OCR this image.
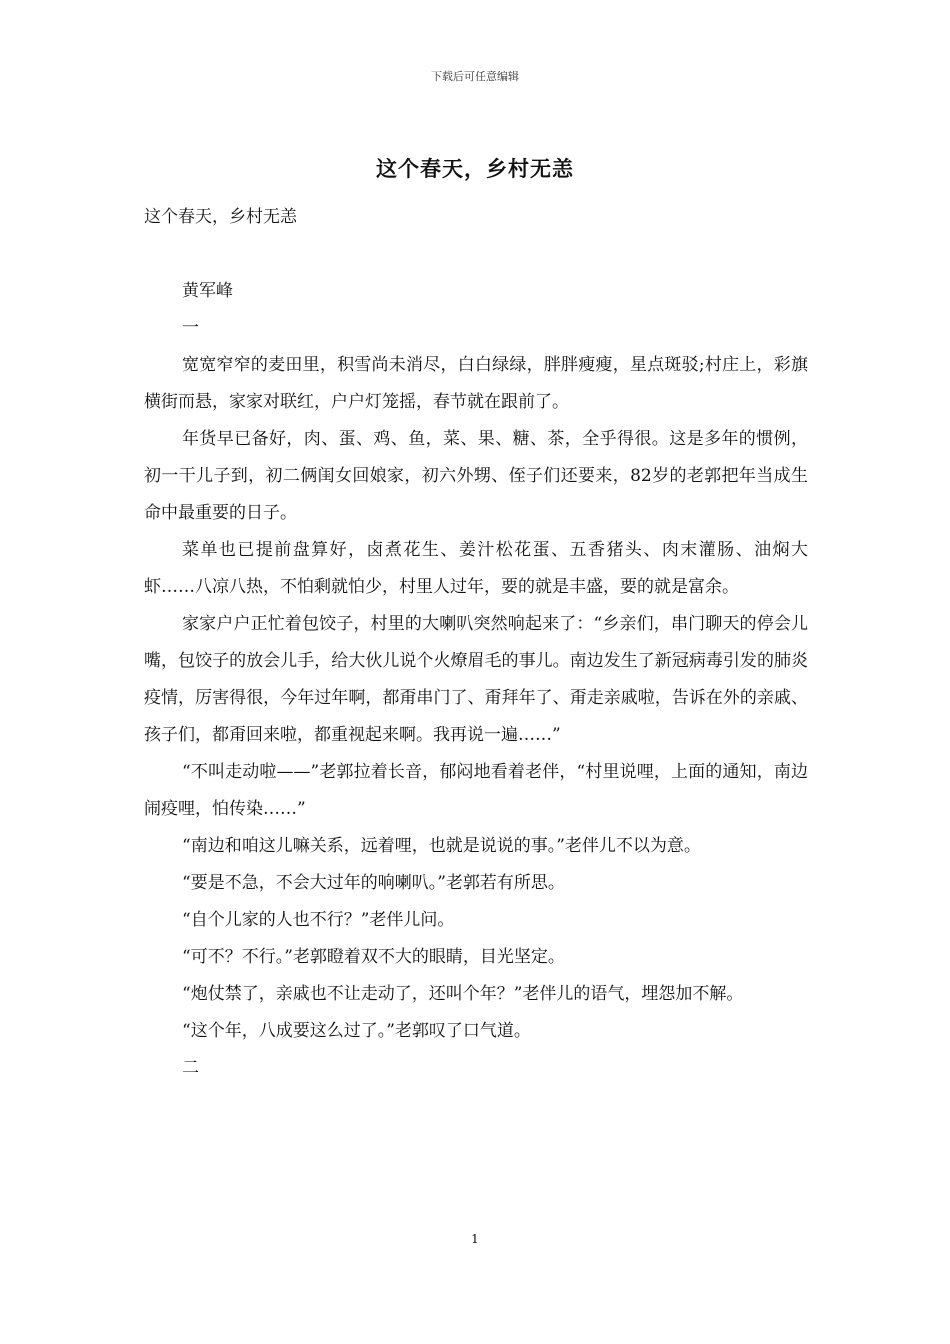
下载后可任意编辑
这个春天，乡村无恙

这个春天，乡村无恙

黄军峰

一

宽宽窄窄的麦田里，积雪尚未消尽，白白绿绿，胖胖瘦瘦，星点斑驳;村庄上，彩旗横街而悬，家家对联红，户户灯笼摇，春节就在跟前了。

年货早已备好，肉、蛋、鸡、鱼，菜、果、糖、茶，全乎得很。这是多年的惯例，初一干儿子到，初二俩闺女回娘家，初六外甥、侄子们还要来，82岁的老郭把年当成生命中最重要的日子。

菜单也已提前盘算好，卤煮花生、姜汁松花蛋、五香猪头、肉末灌肠、油焖大虾……八凉八热，不怕剩就怕少，村里人过年，要的就是丰盛，要的就是富余。

家家户户正忙着包饺子，村里的大喇叭突然响起来了：“乡亲们，串门聊天的停会儿嘴，包饺子的放会儿手，给大伙儿说个火燎眉毛的事儿。南边发生了新冠病毒引发的肺炎疫情，厉害得很，今年过年啊，都甭串门了、甭拜年了、甭走亲戚啦，告诉在外的亲戚、孩子们，都甭回来啦，都重视起来啊。我再说一遍……”

“不叫走动啦——”老郭拉着长音，郁闷地看着老伴，“村里说哩，上面的通知，南边闹疫哩，怕传染……”

“南边和咱这儿嘛关系，远着哩，也就是说说的事。”老伴儿不以为意。

“要是不急，不会大过年的响喇叭。”老郭若有所思。

“自个儿家的人也不行？”老伴儿问。

“可不？不行。”老郭瞪着双不大的眼睛，目光坚定。

“炮仗禁了，亲戚也不让走动了，还叫个年？”老伴儿的语气，埋怨加不解。

“这个年，八成要这么过了。”老郭叹了口气道。

二

1
